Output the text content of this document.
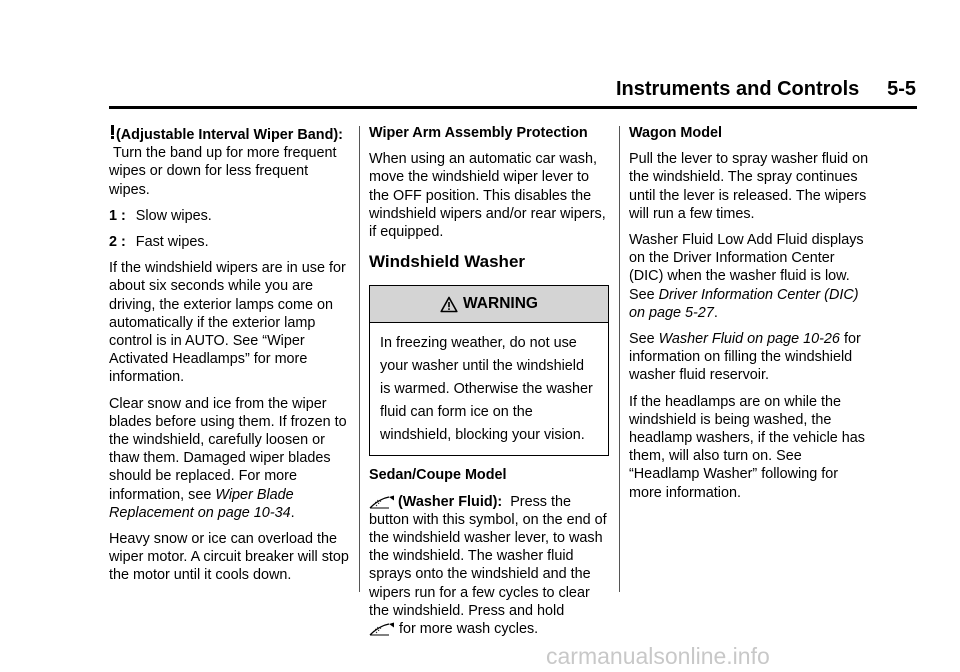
Instruments and Controls     5-5
(Adjustable Interval Wiper Band): Turn the band up for more frequent wipes or down for less frequent wipes.
1 : Slow wipes.
2 : Fast wipes.
If the windshield wipers are in use for about six seconds while you are driving, the exterior lamps come on automatically if the exterior lamp control is in AUTO. See “Wiper Activated Headlamps” for more information.
Clear snow and ice from the wiper blades before using them. If frozen to the windshield, carefully loosen or thaw them. Damaged wiper blades should be replaced. For more information, see Wiper Blade Replacement on page 10-34.
Heavy snow or ice can overload the wiper motor. A circuit breaker will stop the motor until it cools down.
Wiper Arm Assembly Protection
When using an automatic car wash, move the windshield wiper lever to the OFF position. This disables the windshield wipers and/or rear wipers, if equipped.
Windshield Washer
WARNING
In freezing weather, do not use your washer until the windshield is warmed. Otherwise the washer fluid can form ice on the windshield, blocking your vision.
Sedan/Coupe Model
(Washer Fluid): Press the button with this symbol, on the end of the windshield washer lever, to wash the windshield. The washer fluid sprays onto the windshield and the wipers run for a few cycles to clear the windshield. Press and hold
for more wash cycles.
Wagon Model
Pull the lever to spray washer fluid on the windshield. The spray continues until the lever is released. The wipers will run a few times.
Washer Fluid Low Add Fluid displays on the Driver Information Center (DIC) when the washer fluid is low. See Driver Information Center (DIC) on page 5-27.
See Washer Fluid on page 10-26 for information on filling the windshield washer fluid reservoir.
If the headlamps are on while the windshield is being washed, the headlamp washers, if the vehicle has them, will also turn on. See “Headlamp Washer” following for more information.
carmanualsonline.info
